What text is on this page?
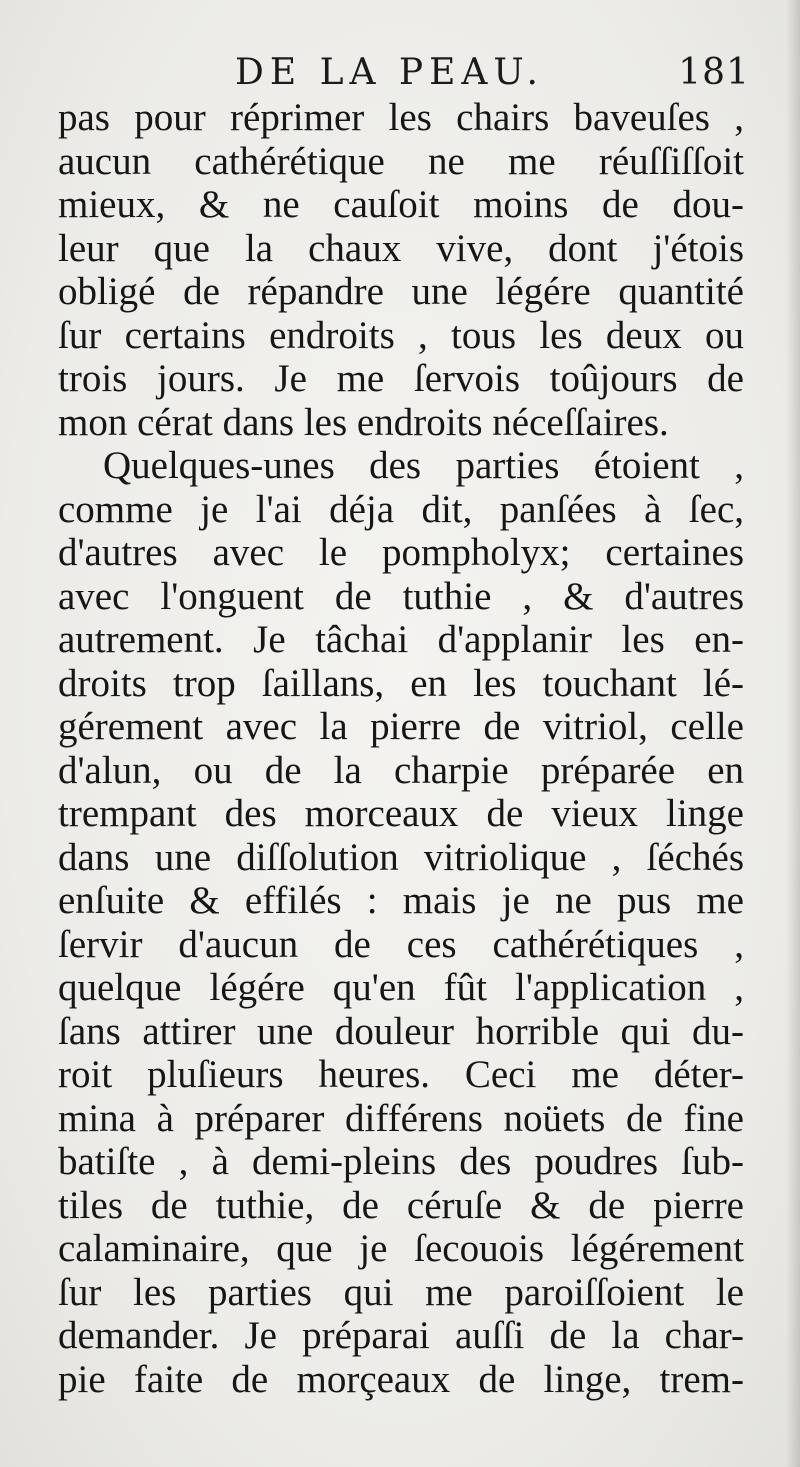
DE LA PEAU.	181
pas pour réprimer les chairs baveuſes ,
aucun cathérétique ne me réuſſiſſoit
mieux, & ne cauſoit moins de dou-
leur que la chaux vive, dont j'étois
obligé de répandre une légére quantité
ſur certains endroits , tous les deux ou
trois jours. Je me ſervois toûjours de
mon cérat dans les endroits néceſſaires.
Quelques-unes des parties étoient ,
comme je l'ai déja dit, panſées à ſec,
d'autres avec le pompholyx; certaines
avec l'onguent de tuthie , & d'autres
autrement. Je tâchai d'applanir les en-
droits trop ſaillans, en les touchant lé-
gérement avec la pierre de vitriol, celle
d'alun, ou de la charpie préparée en
trempant des morceaux de vieux linge
dans une diſſolution vitriolique , ſéchés
enſuite & effilés : mais je ne pus me
ſervir d'aucun de ces cathérétiques ,
quelque légére qu'en fût l'application ,
ſans attirer une douleur horrible qui du-
roit pluſieurs heures. Ceci me déter-
mina à préparer différens noüets de fine
batiſte , à demi-pleins des poudres ſub-
tiles de tuthie, de céruſe & de pierre
calaminaire, que je ſecouois légérement
ſur les parties qui me paroiſſoient le
demander. Je préparai auſſi de la char-
pie faite de morçeaux de linge, trem-
